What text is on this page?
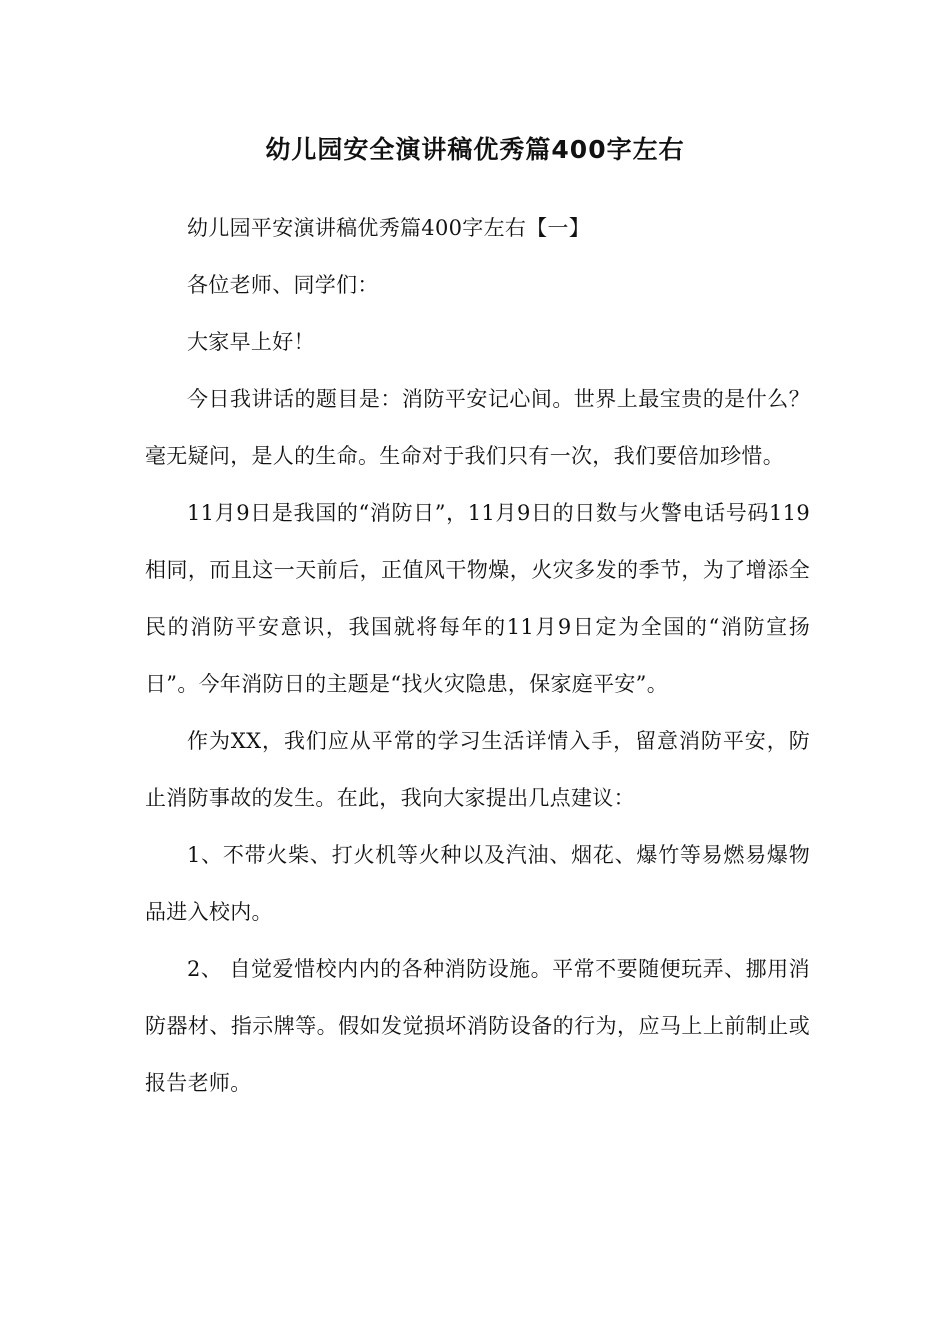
幼儿园安全演讲稿优秀篇400字左右

幼儿园平安演讲稿优秀篇400字左右【一】

各位老师、同学们：

大家早上好！

今日我讲话的题目是：消防平安记心间。世界上最宝贵的是什么？毫无疑问，是人的生命。生命对于我们只有一次，我们要倍加珍惜。

11月9日是我国的“消防日”，11月9日的日数与火警电话号码119相同，而且这一天前后，正值风干物燥，火灾多发的季节，为了增添全民的消防平安意识，我国就将每年的11月9日定为全国的“消防宣扬日”。今年消防日的主题是“找火灾隐患，保家庭平安”。

作为XX，我们应从平常的学习生活详情入手，留意消防平安，防止消防事故的发生。在此，我向大家提出几点建议：

1、不带火柴、打火机等火种以及汽油、烟花、爆竹等易燃易爆物品进入校内。

2、 自觉爱惜校内内的各种消防设施。平常不要随便玩弄、挪用消防器材、指示牌等。假如发觉损坏消防设备的行为，应马上上前制止或报告老师。
